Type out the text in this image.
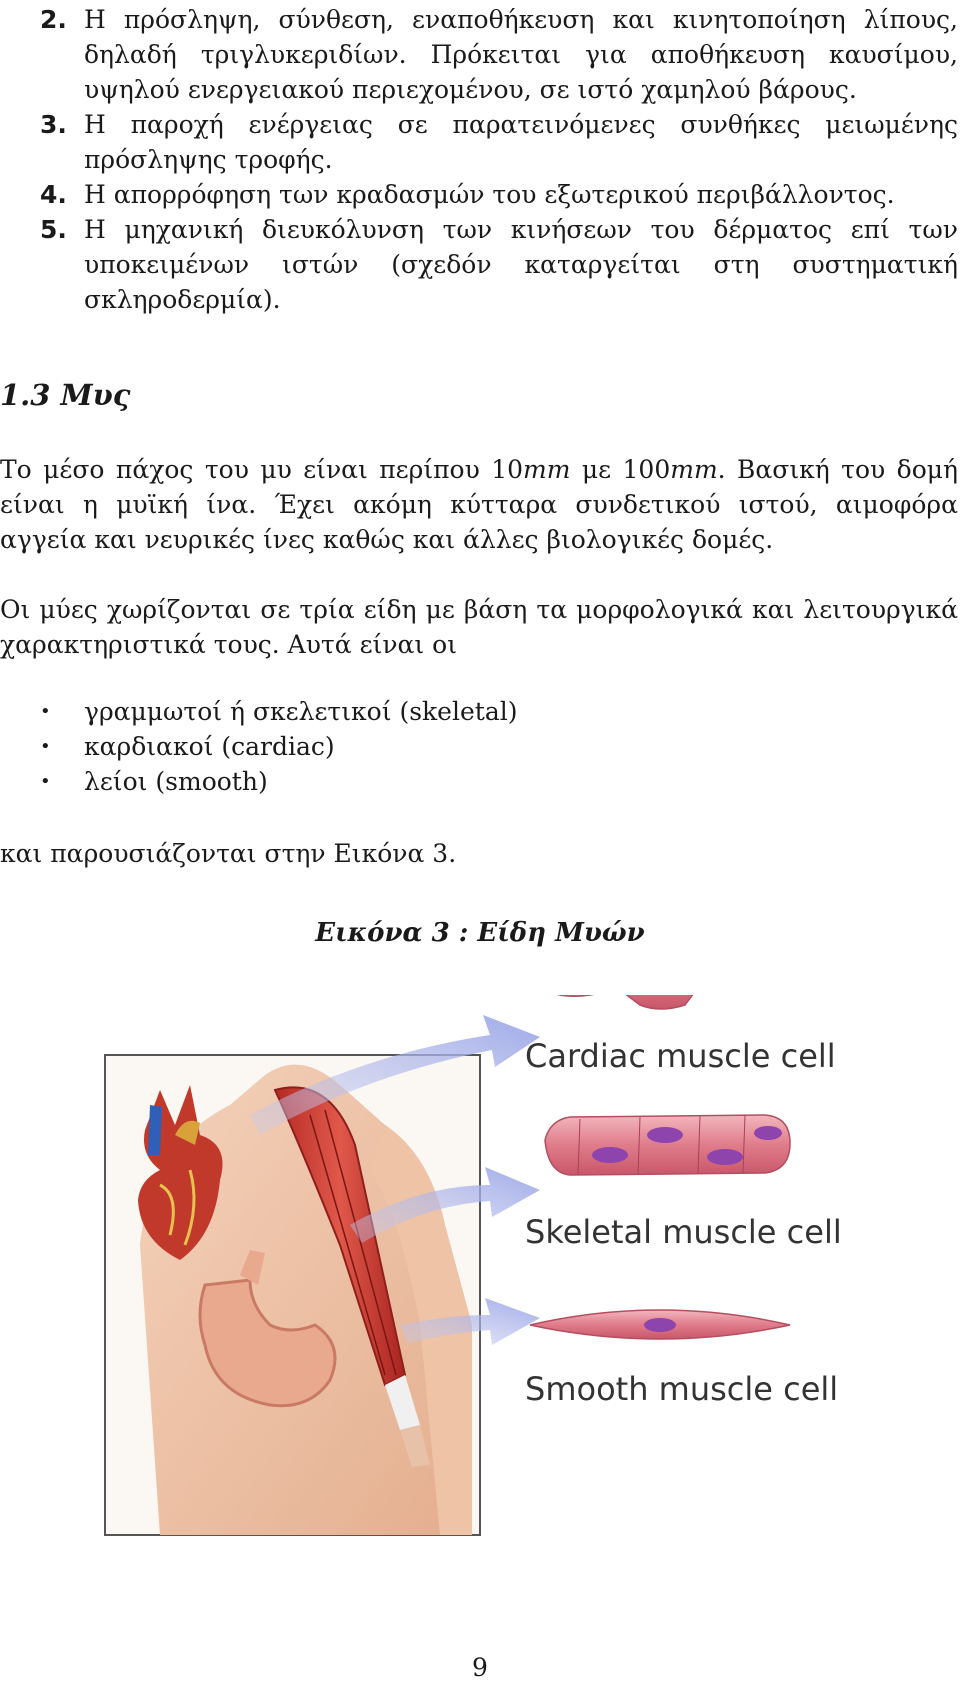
2. Η πρόσληψη, σύνθεση, εναποθήκευση και κινητοποίηση λίπους, δηλαδή τριγλυκεριδίων. Πρόκειται για αποθήκευση καυσίμου, υψηλού ενεργειακού περιεχομένου, σε ιστό χαμηλού βάρους.
3. Η παροχή ενέργειας σε παρατεινόμενες συνθήκες μειωμένης πρόσληψης τροφής.
4. Η απορρόφηση των κραδασμών του εξωτερικού περιβάλλοντος.
5. Η μηχανική διευκόλυνση των κινήσεων του δέρματος επί των υποκειμένων ιστών (σχεδόν καταργείται στη συστηματική σκληροδερμία).
1.3 Μυς

Το μέσο πάχος του μυ είναι περίπου 10mm με 100mm. Βασική του δομή είναι η μυϊκή ίνα. Έχει ακόμη κύτταρα συνδετικού ιστού, αιμοφόρα αγγεία και νευρικές ίνες καθώς και άλλες βιολογικές δομές.

Οι μύες χωρίζονται σε τρία είδη με βάση τα μορφολογικά και λειτουργικά χαρακτηριστικά τους. Αυτά είναι οι

• γραμμωτοί ή σκελετικοί (skeletal)
• καρδιακοί (cardiac)
• λείοι (smooth)

και παρουσιάζονται στην Εικόνα 3.

Εικόνα 3 : Είδη Μυών
Cardiac muscle cell
Skeletal muscle cell
Smooth muscle cell
9
